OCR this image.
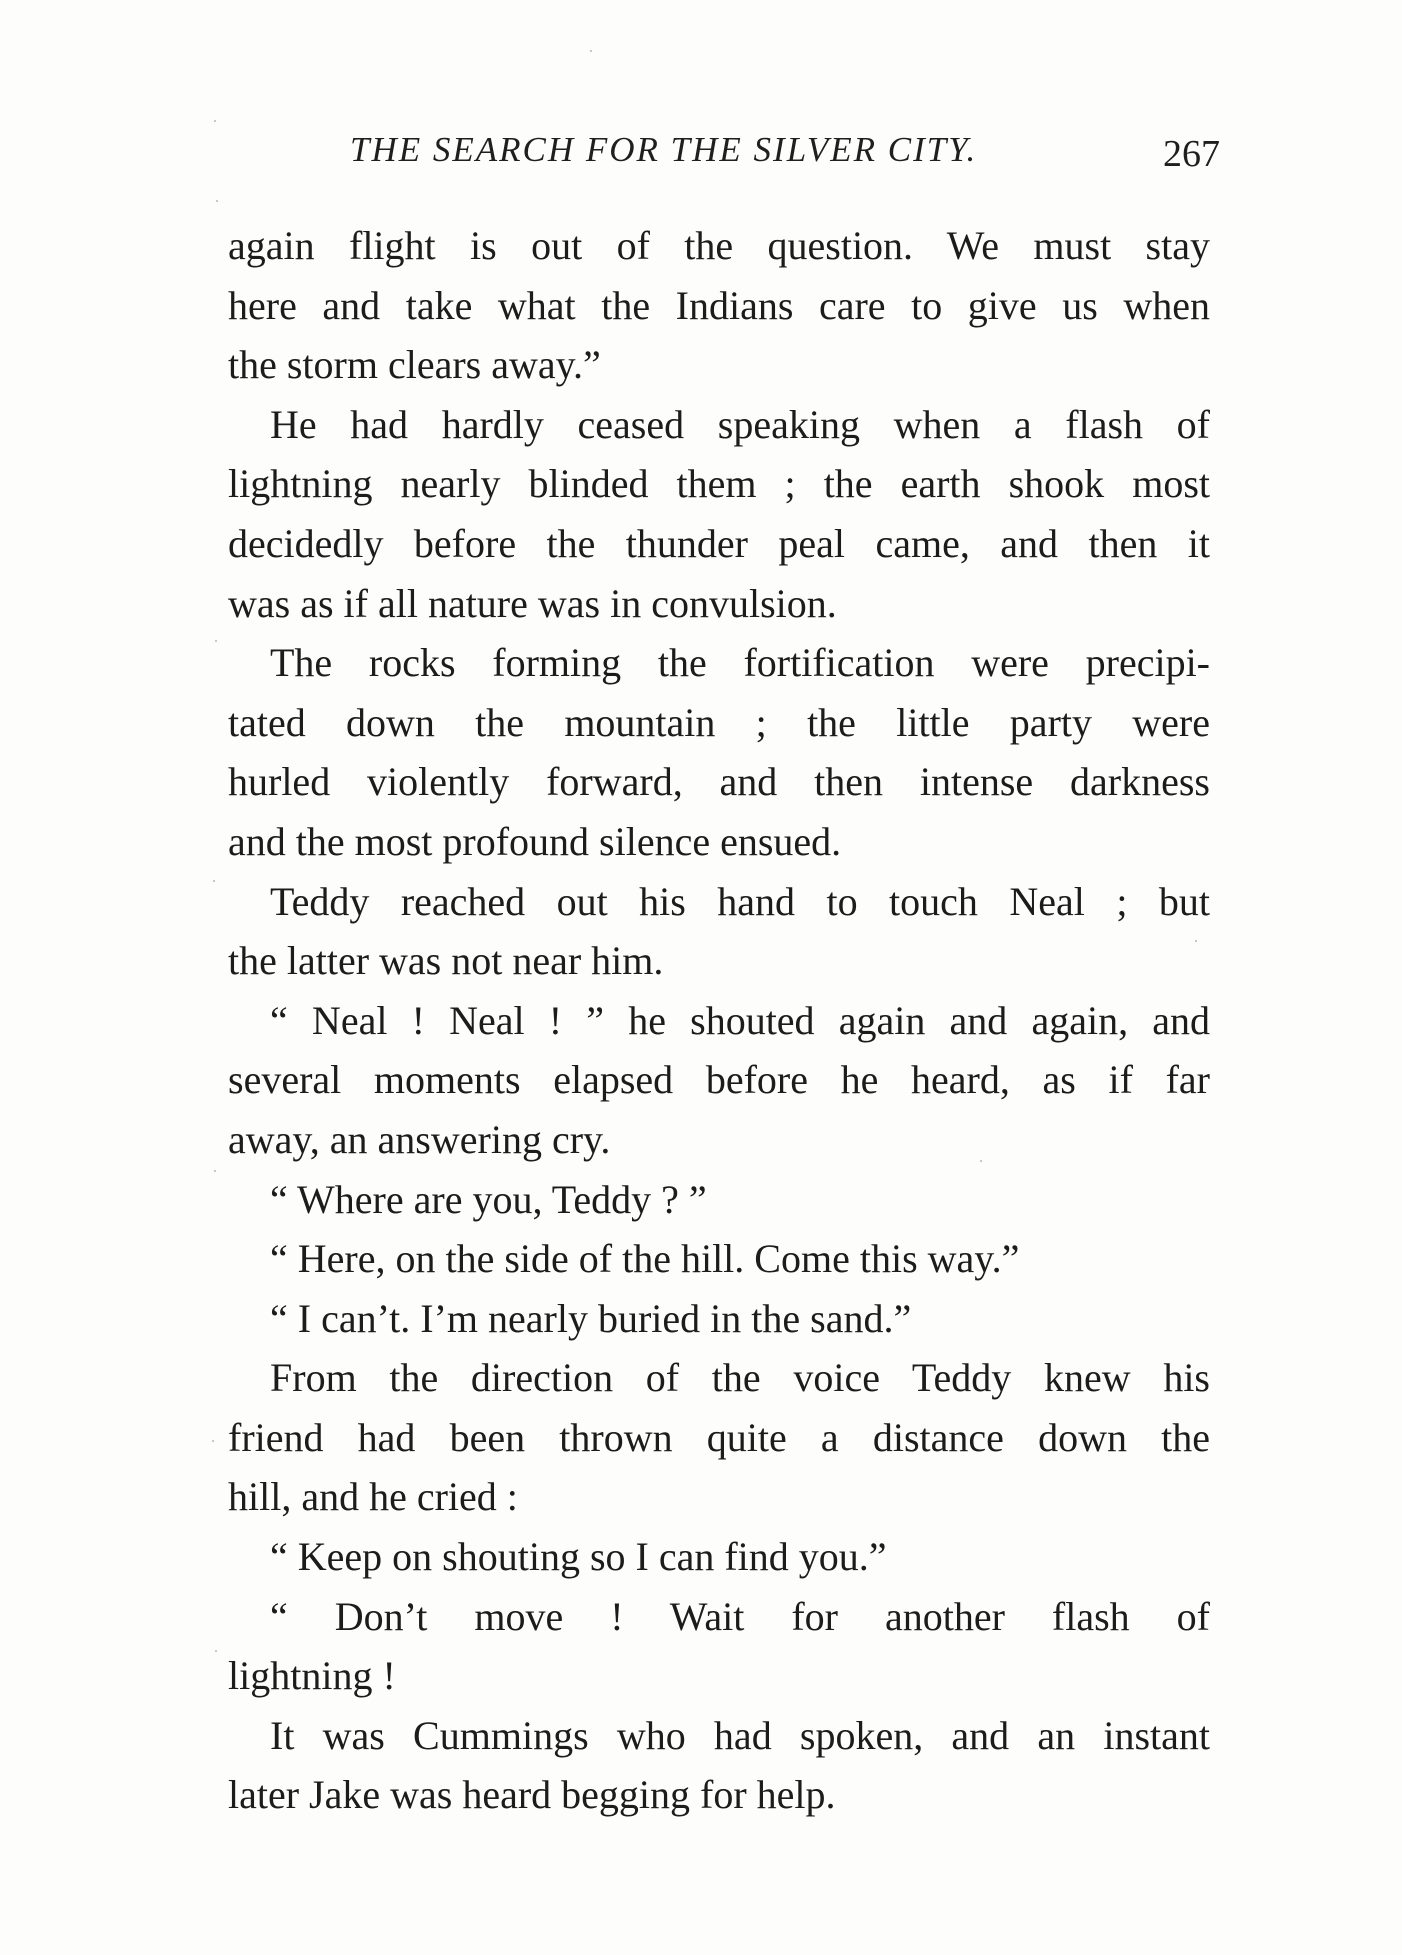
THE SEARCH FOR THE SILVER CITY.	267
again flight is out of the question. We must stay
here and take what the Indians care to give us when
the storm clears away.”
He had hardly ceased speaking when a flash of
lightning nearly blinded them ; the earth shook most
decidedly before the thunder peal came, and then it
was as if all nature was in convulsion.
The rocks forming the fortification were precipi-
tated down the mountain ; the little party were
hurled violently forward, and then intense darkness
and the most profound silence ensued.
Teddy reached out his hand to touch Neal ; but
the latter was not near him.
“ Neal ! Neal ! ” he shouted again and again, and
several moments elapsed before he heard, as if far
away, an answering cry.
“ Where are you, Teddy ? ”
“ Here, on the side of the hill. Come this way.”
“ I can’t. I’m nearly buried in the sand.”
From the direction of the voice Teddy knew his
friend had been thrown quite a distance down the
hill, and he cried :
“ Keep on shouting so I can find you.”
“ Don’t move ! Wait for another flash of
lightning !
It was Cummings who had spoken, and an instant
later Jake was heard begging for help.
